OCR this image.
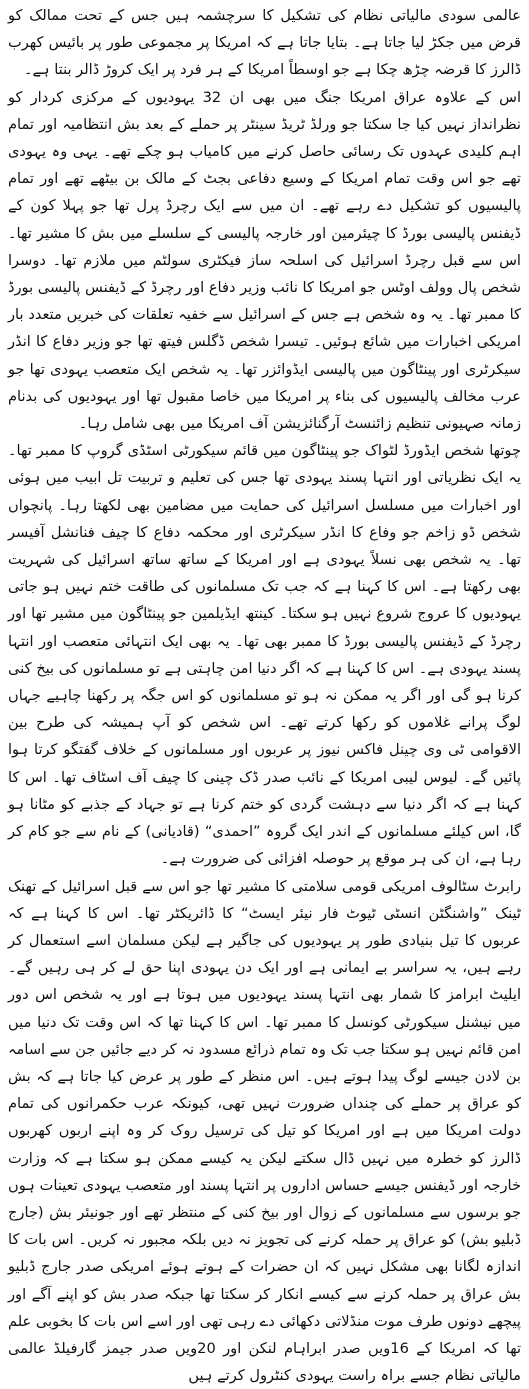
عالمی سودی مالیاتی نظام کی تشکیل کا سرچشمہ ہیں جس کے تحت ممالک کو قرض میں جکڑ لیا جاتا ہے۔ بتایا جاتا ہے کہ امریکا پر مجموعی طور پر بائیس کھرب ڈالرز کا قرضہ چڑھ چکا ہے جو اوسطاً امریکا کے ہر فرد پر ایک کروڑ ڈالر بنتا ہے۔

اس کے علاوہ عراق امریکا جنگ میں بھی ان 32 یہودیوں کے مرکزی کردار کو نظرانداز نہیں کیا جا سکتا جو ورلڈ ٹریڈ سینٹر پر حملے کے بعد بش انتظامیہ اور تمام اہم کلیدی عہدوں تک رسائی حاصل کرنے میں کامیاب ہو چکے تھے۔ یہی وہ یہودی تھے جو اس وقت تمام امریکا کے وسیع دفاعی بجٹ کے مالک بن بیٹھے تھے اور تمام پالیسیوں کو تشکیل دے رہے تھے۔ ان میں سے ایک رچرڈ پرل تھا جو پہلا کون کے ڈیفنس پالیسی بورڈ کا چیئرمین اور خارجہ پالیسی کے سلسلے میں بش کا مشیر تھا۔ اس سے قبل رچرڈ اسرائیل کی اسلحہ ساز فیکٹری سولٹم میں ملازم تھا۔ دوسرا شخص پال وولف اوٹس جو امریکا کا نائب وزیر دفاع اور رچرڈ کے ڈیفنس پالیسی بورڈ کا ممبر تھا۔ یہ وہ شخص ہے جس کے اسرائیل سے خفیہ تعلقات کی خبریں متعدد بار امریکی اخبارات میں شائع ہوئیں۔ تیسرا شخص ڈگلس فیتھ تھا جو وزیر دفاع کا انڈر سیکرٹری اور پینٹاگون میں پالیسی ایڈوائزر تھا۔ یہ شخص ایک متعصب یہودی تھا جو عرب مخالف پالیسیوں کی بناء پر امریکا میں خاصا مقبول تھا اور یہودیوں کی بدنام زمانہ صہیونی تنظیم زائنسٹ آرگنائزیشن آف امریکا میں بھی شامل رہا۔

چوتھا شخص ایڈورڈ لٹواک جو پینٹاگون میں قائم سیکورٹی اسٹڈی گروپ کا ممبر تھا۔ یہ ایک نظریاتی اور انتہا پسند یہودی تھا جس کی تعلیم و تربیت تل ابیب میں ہوئی اور اخبارات میں مسلسل اسرائیل کی حمایت میں مضامین بھی لکھتا رہا۔ پانچواں شخص ڈو زاخم جو وفاع کا انڈر سیکرٹری اور محکمہ دفاع کا چیف فنانشل آفیسر تھا۔ یہ شخص بھی نسلاً یہودی ہے اور امریکا کے ساتھ ساتھ اسرائیل کی شہریت بھی رکھتا ہے۔ اس کا کہنا ہے کہ جب تک مسلمانوں کی طاقت ختم نہیں ہو جاتی یہودیوں کا عروج شروع نہیں ہو سکتا۔ کینتھ ایڈیلمین جو پینٹاگون میں مشیر تھا اور رچرڈ کے ڈیفنس پالیسی بورڈ کا ممبر بھی تھا۔ یہ بھی ایک انتہائی متعصب اور انتہا پسند یہودی ہے۔ اس کا کہنا ہے کہ اگر دنیا امن چاہتی ہے تو مسلمانوں کی بیخ کنی کرنا ہو گی اور اگر یہ ممکن نہ ہو تو مسلمانوں کو اس جگہ پر رکھنا چاہیے جہاں لوگ پرانے غلاموں کو رکھا کرتے تھے۔ اس شخص کو آپ ہمیشہ کی طرح بین الاقوامی ٹی وی چینل فاکس نیوز پر عربوں اور مسلمانوں کے خلاف گفتگو کرتا ہوا پائیں گے۔ لیوس لیبی امریکا کے نائب صدر ڈک چینی کا چیف آف اسٹاف تھا۔ اس کا کہنا ہے کہ اگر دنیا سے دہشت گردی کو ختم کرنا ہے تو جہاد کے جذبے کو مٹانا ہو گا، اس کیلئے مسلمانوں کے اندر ایک گروہ ”احمدی“ (قادیانی) کے نام سے جو کام کر رہا ہے، ان کی ہر موقع پر حوصلہ افزائی کی ضرورت ہے۔

رابرٹ سٹالوف امریکی قومی سلامتی کا مشیر تھا جو اس سے قبل اسرائیل کے تھنک ٹینک ”واشنگٹن انسٹی ٹیوٹ فار نیئر ایسٹ“ کا ڈائریکٹر تھا۔ اس کا کہنا ہے کہ عربوں کا تیل بنیادی طور پر یہودیوں کی جاگیر ہے لیکن مسلمان اسے استعمال کر رہے ہیں، یہ سراسر بے ایمانی ہے اور ایک دن یہودی اپنا حق لے کر ہی رہیں گے۔ ایلیٹ ابرامز کا شمار بھی انتہا پسند یہودیوں میں ہوتا ہے اور یہ شخص اس دور میں نیشنل سیکورٹی کونسل کا ممبر تھا۔ اس کا کہنا تھا کہ اس وقت تک دنیا میں امن قائم نہیں ہو سکتا جب تک وہ تمام ذرائع مسدود نہ کر دیے جائیں جن سے اسامہ بن لادن جیسے لوگ پیدا ہوتے ہیں۔ اس منظر کے طور پر عرض کیا جاتا ہے کہ بش کو عراق پر حملے کی چنداں ضرورت نہیں تھی، کیونکہ عرب حکمرانوں کی تمام دولت امریکا میں ہے اور امریکا کو تیل کی ترسیل روک کر وہ اپنے اربوں کھربوں ڈالرز کو خطرہ میں نہیں ڈال سکتے لیکن یہ کیسے ممکن ہو سکتا ہے کہ وزارت خارجہ اور ڈیفنس جیسے حساس اداروں پر انتہا پسند اور متعصب یہودی تعینات ہوں جو برسوں سے مسلمانوں کے زوال اور بیخ کنی کے منتظر تھے اور جونیئر بش (جارج ڈبلیو بش) کو عراق پر حملہ کرنے کی تجویز نہ دیں بلکہ مجبور نہ کریں۔ اس بات کا اندازہ لگانا بھی مشکل نہیں کہ ان حضرات کے ہوتے ہوئے امریکی صدر جارج ڈبلیو بش عراق پر حملہ کرنے سے کیسے انکار کر سکتا تھا جبکہ صدر بش کو اپنے آگے اور پیچھے دونوں طرف موت منڈلاتی دکھائی دے رہی تھی اور اسے اس بات کا بخوبی علم تھا کہ امریکا کے 16ویں صدر ابراہام لنکن اور 20ویں صدر جیمز گارفیلڈ عالمی مالیاتی نظام جسے براہ راست یہودی کنٹرول کرتے ہیں
